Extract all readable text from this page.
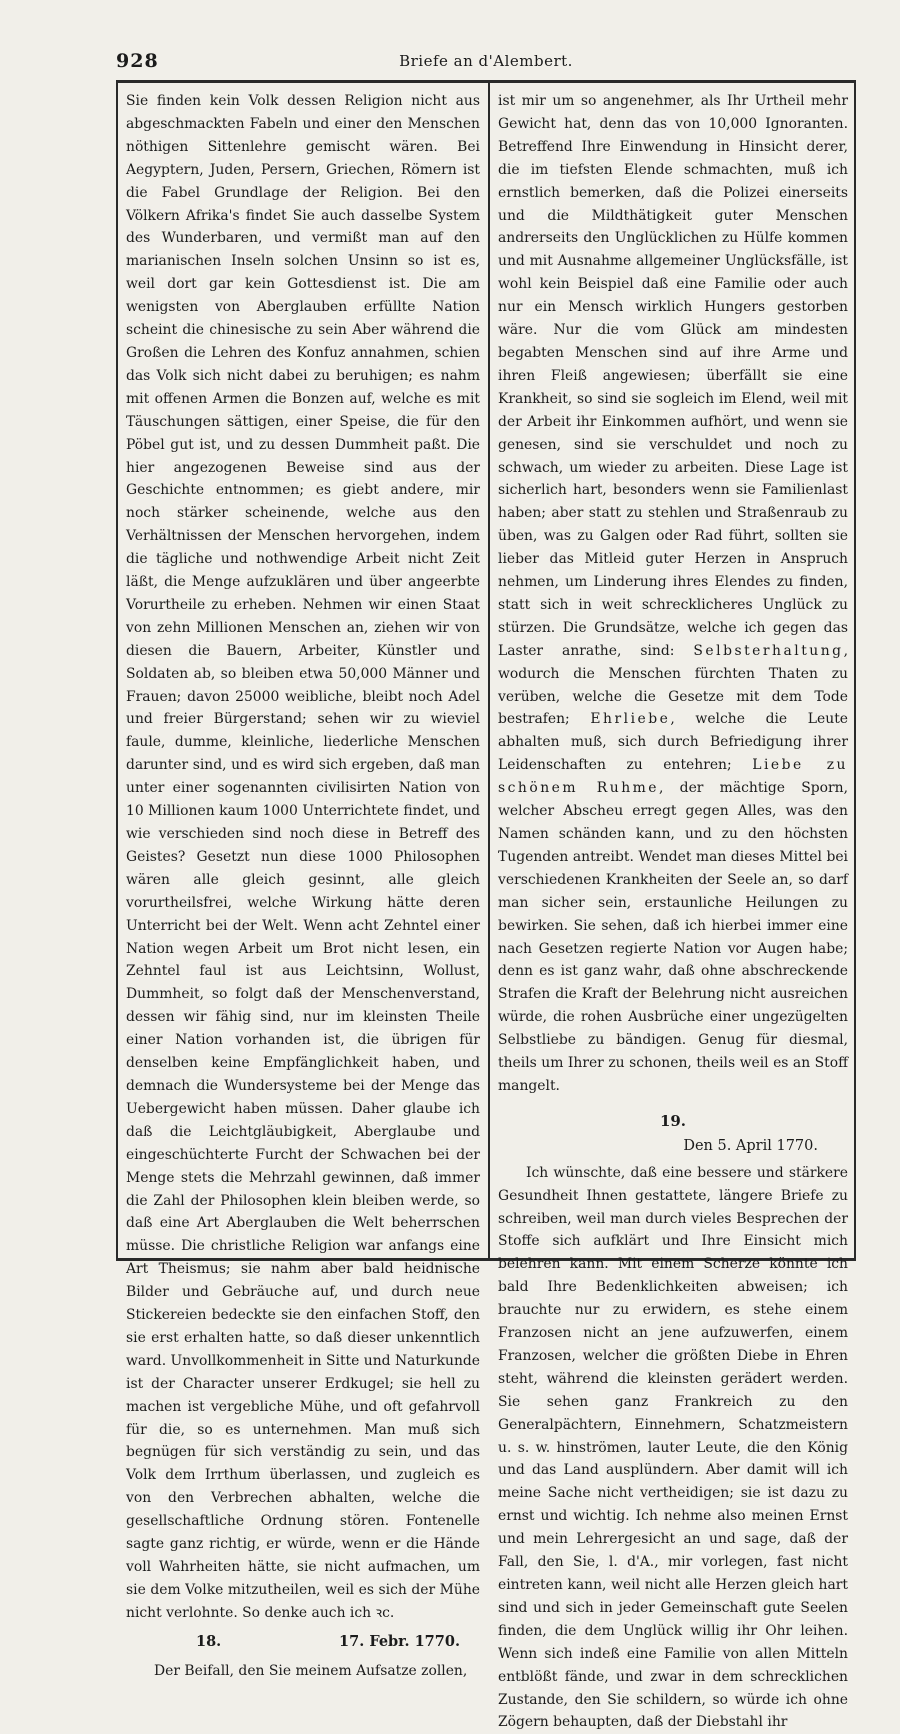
928	Briefe an d'Alembert.

Sie finden kein Volk dessen Religion nicht aus abgeschmackten Fabeln und einer den Menschen nöthigen Sittenlehre gemischt wären. Bei Aegyptern, Juden, Persern, Griechen, Römern ist die Fabel Grundlage der Religion. Bei den Völkern Afrika's findet Sie auch dasselbe System des Wunderbaren, und vermißt man auf den marianischen Inseln solchen Unsinn so ist es, weil dort gar kein Gottesdienst ist. Die am wenigsten von Aberglauben erfüllte Nation scheint die chinesische zu sein Aber während die Großen die Lehren des Konfuz annahmen, schien das Volk sich nicht dabei zu beruhigen; es nahm mit offenen Armen die Bonzen auf, welche es mit Täuschungen sättigen, einer Speise, die für den Pöbel gut ist, und zu dessen Dummheit paßt. Die hier angezogenen Beweise sind aus der Geschichte entnommen; es giebt andere, mir noch stärker scheinende, welche aus den Verhältnissen der Menschen hervorgehen, indem die tägliche und nothwendige Arbeit nicht Zeit läßt, die Menge aufzuklären und über angeerbte Vorurtheile zu erheben. Nehmen wir einen Staat von zehn Millionen Menschen an, ziehen wir von diesen die Bauern, Arbeiter, Künstler und Soldaten ab, so bleiben etwa 50,000 Männer und Frauen; davon 25000 weibliche, bleibt noch Adel und freier Bürgerstand; sehen wir zu wieviel faule, dumme, kleinliche, liederliche Menschen darunter sind, und es wird sich ergeben, daß man unter einer sogenannten civilisirten Nation von 10 Millionen kaum 1000 Unterrichtete findet, und wie verschieden sind noch diese in Betreff des Geistes? Gesetzt nun diese 1000 Philosophen wären alle gleich gesinnt, alle gleich vorurtheilsfrei, welche Wirkung hätte deren Unterricht bei der Welt. Wenn acht Zehntel einer Nation wegen Arbeit um Brot nicht lesen, ein Zehntel faul ist aus Leichtsinn, Wollust, Dummheit, so folgt daß der Menschenverstand, dessen wir fähig sind, nur im kleinsten Theile einer Nation vorhanden ist, die übrigen für denselben keine Empfänglichkeit haben, und demnach die Wundersysteme bei der Menge das Uebergewicht haben müssen. Daher glaube ich daß die Leichtgläubigkeit, Aberglaube und eingeschüchterte Furcht der Schwachen bei der Menge stets die Mehrzahl gewinnen, daß immer die Zahl der Philosophen klein bleiben werde, so daß eine Art Aberglauben die Welt beherrschen müsse. Die christliche Religion war anfangs eine Art Theismus; sie nahm aber bald heidnische Bilder und Gebräuche auf, und durch neue Stickereien bedeckte sie den einfachen Stoff, den sie erst erhalten hatte, so daß dieser unkenntlich ward. Unvollkommenheit in Sitte und Naturkunde ist der Character unserer Erdkugel; sie hell zu machen ist vergebliche Mühe, und oft gefahrvoll für die, so es unternehmen. Man muß sich begnügen für sich verständig zu sein, und das Volk dem Irrthum überlassen, und zugleich es von den Verbrechen abhalten, welche die gesellschaftliche Ordnung stören. Fontenelle sagte ganz richtig, er würde, wenn er die Hände voll Wahrheiten hätte, sie nicht aufmachen, um sie dem Volke mitzutheilen, weil es sich der Mühe nicht verlohnte. So denke auch ich ꝛc.

18.	17. Febr. 1770.

Der Beifall, den Sie meinem Aufsatze zollen,

ist mir um so angenehmer, als Ihr Urtheil mehr Gewicht hat, denn das von 10,000 Ignoranten. Betreffend Ihre Einwendung in Hinsicht derer, die im tiefsten Elende schmachten, muß ich ernstlich bemerken, daß die Polizei einerseits und die Mildthätigkeit guter Menschen andrerseits den Unglücklichen zu Hülfe kommen und mit Ausnahme allgemeiner Unglücksfälle, ist wohl kein Beispiel daß eine Familie oder auch nur ein Mensch wirklich Hungers gestorben wäre. Nur die vom Glück am mindesten begabten Menschen sind auf ihre Arme und ihren Fleiß angewiesen; überfällt sie eine Krankheit, so sind sie sogleich im Elend, weil mit der Arbeit ihr Einkommen aufhört, und wenn sie genesen, sind sie verschuldet und noch zu schwach, um wieder zu arbeiten. Diese Lage ist sicherlich hart, besonders wenn sie Familienlast haben; aber statt zu stehlen und Straßenraub zu üben, was zu Galgen oder Rad führt, sollten sie lieber das Mitleid guter Herzen in Anspruch nehmen, um Linderung ihres Elendes zu finden, statt sich in weit schrecklicheres Unglück zu stürzen. Die Grundsätze, welche ich gegen das Laster anrathe, sind: Selbsterhaltung, wodurch die Menschen fürchten Thaten zu verüben, welche die Gesetze mit dem Tode bestrafen; Ehrliebe, welche die Leute abhalten muß, sich durch Befriedigung ihrer Leidenschaften zu entehren; Liebe zu schönem Ruhme, der mächtige Sporn, welcher Abscheu erregt gegen Alles, was den Namen schänden kann, und zu den höchsten Tugenden antreibt. Wendet man dieses Mittel bei verschiedenen Krankheiten der Seele an, so darf man sicher sein, erstaunliche Heilungen zu bewirken. Sie sehen, daß ich hierbei immer eine nach Gesetzen regierte Nation vor Augen habe; denn es ist ganz wahr, daß ohne abschreckende Strafen die Kraft der Belehrung nicht ausreichen würde, die rohen Ausbrüche einer ungezügelten Selbstliebe zu bändigen. Genug für diesmal, theils um Ihrer zu schonen, theils weil es an Stoff mangelt.

19.
Den 5. April 1770.

Ich wünschte, daß eine bessere und stärkere Gesundheit Ihnen gestattete, längere Briefe zu schreiben, weil man durch vieles Besprechen der Stoffe sich aufklärt und Ihre Einsicht mich belehren kann. Mit einem Scherze könnte ich bald Ihre Bedenklichkeiten abweisen; ich brauchte nur zu erwidern, es stehe einem Franzosen nicht an jene aufzuwerfen, einem Franzosen, welcher die größten Diebe in Ehren steht, während die kleinsten gerädert werden. Sie sehen ganz Frankreich zu den Generalpächtern, Einnehmern, Schatzmeistern u. s. w. hinströmen, lauter Leute, die den König und das Land ausplündern. Aber damit will ich meine Sache nicht vertheidigen; sie ist dazu zu ernst und wichtig. Ich nehme also meinen Ernst und mein Lehrergesicht an und sage, daß der Fall, den Sie, l. d'A., mir vorlegen, fast nicht eintreten kann, weil nicht alle Herzen gleich hart sind und sich in jeder Gemeinschaft gute Seelen finden, die dem Unglück willig ihr Ohr leihen. Wenn sich indeß eine Familie von allen Mitteln entblößt fände, und zwar in dem schrecklichen Zustande, den Sie schildern, so würde ich ohne Zögern behaupten, daß der Diebstahl ihr
